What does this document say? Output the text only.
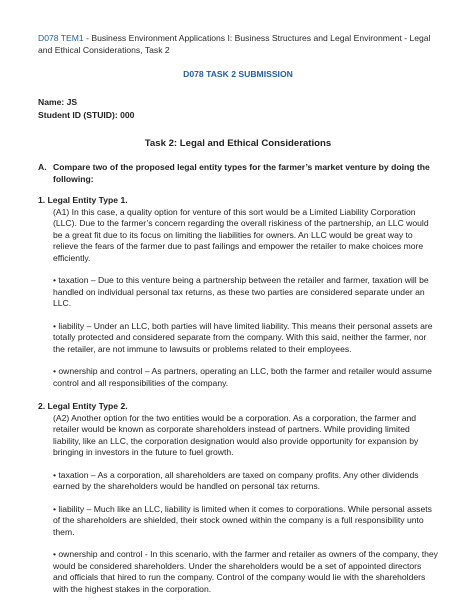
D078 TEM1 - Business Environment Applications I: Business Structures and Legal Environment - Legal and Ethical Considerations, Task 2
D078 TASK 2 SUBMISSION
Name: JS
Student ID (STUID): 000
Task 2: Legal and Ethical Considerations
A. Compare two of the proposed legal entity types for the farmer’s market venture by doing the following:
1. Legal Entity Type 1.

(A1) In this case, a quality option for venture of this sort would be a Limited Liability Corporation (LLC). Due to the farmer’s concern regarding the overall riskiness of the partnership, an LLC would be a great fit due to its focus on limiting the liabilities for owners. An LLC would be great way to relieve the fears of the farmer due to past failings and empower the retailer to make choices more efficiently.

• taxation – Due to this venture being a partnership between the retailer and farmer, taxation will be handled on individual personal tax returns, as these two parties are considered separate under an LLC.

• liability – Under an LLC, both parties will have limited liability. This means their personal assets are totally protected and considered separate from the company. With this said, neither the farmer, nor the retailer, are not immune to lawsuits or problems related to their employees.

• ownership and control – As partners, operating an LLC, both the farmer and retailer would assume control and all responsibilities of the company.

2. Legal Entity Type 2.

(A2) Another option for the two entities would be a corporation. As a corporation, the farmer and retailer would be known as corporate shareholders instead of partners. While providing limited liability, like an LLC, the corporation designation would also provide opportunity for expansion by bringing in investors in the future to fuel growth.

• taxation – As a corporation, all shareholders are taxed on company profits. Any other dividends earned by the shareholders would be handled on personal tax returns.

• liability – Much like an LLC, liability is limited when it comes to corporations. While personal assets of the shareholders are shielded, their stock owned within the company is a full responsibility unto them.

• ownership and control - In this scenario, with the farmer and retailer as owners of the company, they would be considered shareholders. Under the shareholders would be a set of appointed directors and officials that hired to run the company. Control of the company would lie with the shareholders with the highest stakes in the corporation.
